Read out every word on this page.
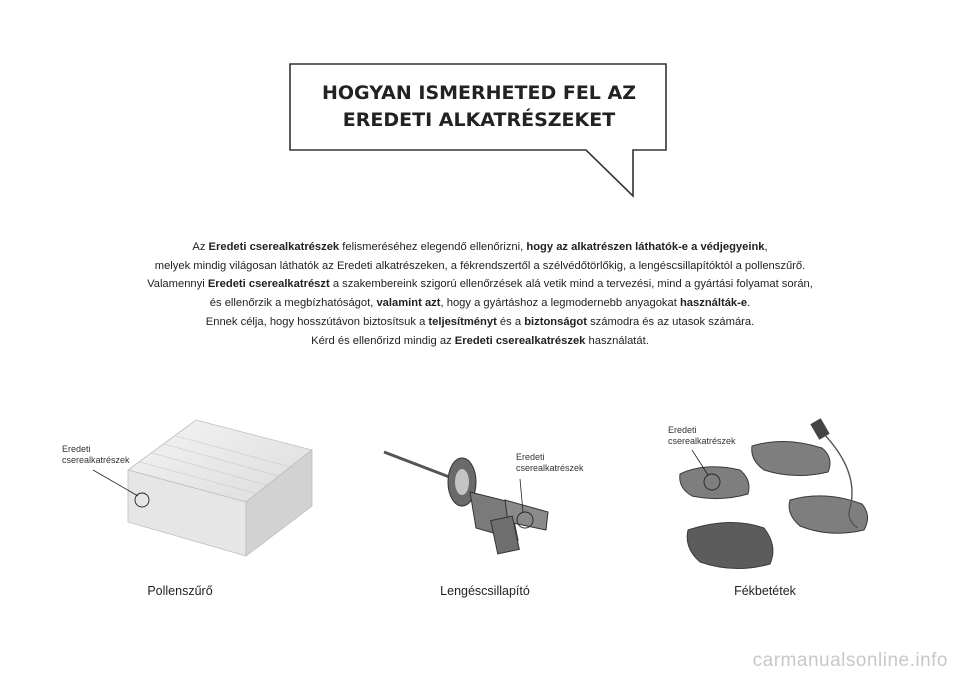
HOGYAN ISMERHETED FEL AZ
EREDETI ALKATRÉSZEKET

Az Eredeti cserealkatrészek felismeréséhez elegendő ellenőrizni, hogy az alkatrészen láthatók-e a védjegyeink,

melyek mindig világosan láthatók az Eredeti alkatrészeken, a fékrendszertől a szélvédőtörlőkig, a lengéscsillapítóktól a pollenszűrő.

Valamennyi Eredeti cserealkatrészt a szakembereink szigorú ellenőrzések alá vetik mind a tervezési, mind a gyártási folyamat során,

és ellenőrzik a megbízhatóságot, valamint azt, hogy a gyártáshoz a legmodernebb anyagokat használták-e.

Ennek célja, hogy hosszútávon biztosítsuk a teljesítményt és a biztonságot számodra és az utasok számára.

Kérd és ellenőrizd mindig az Eredeti cserealkatrészek használatát.

Eredeti
cserealkatrészek
Pollenszűrő
Eredeti
cserealkatrészek
Lengéscsillapító
Eredeti
cserealkatrészek
Fékbetétek
carmanualsonline.info
